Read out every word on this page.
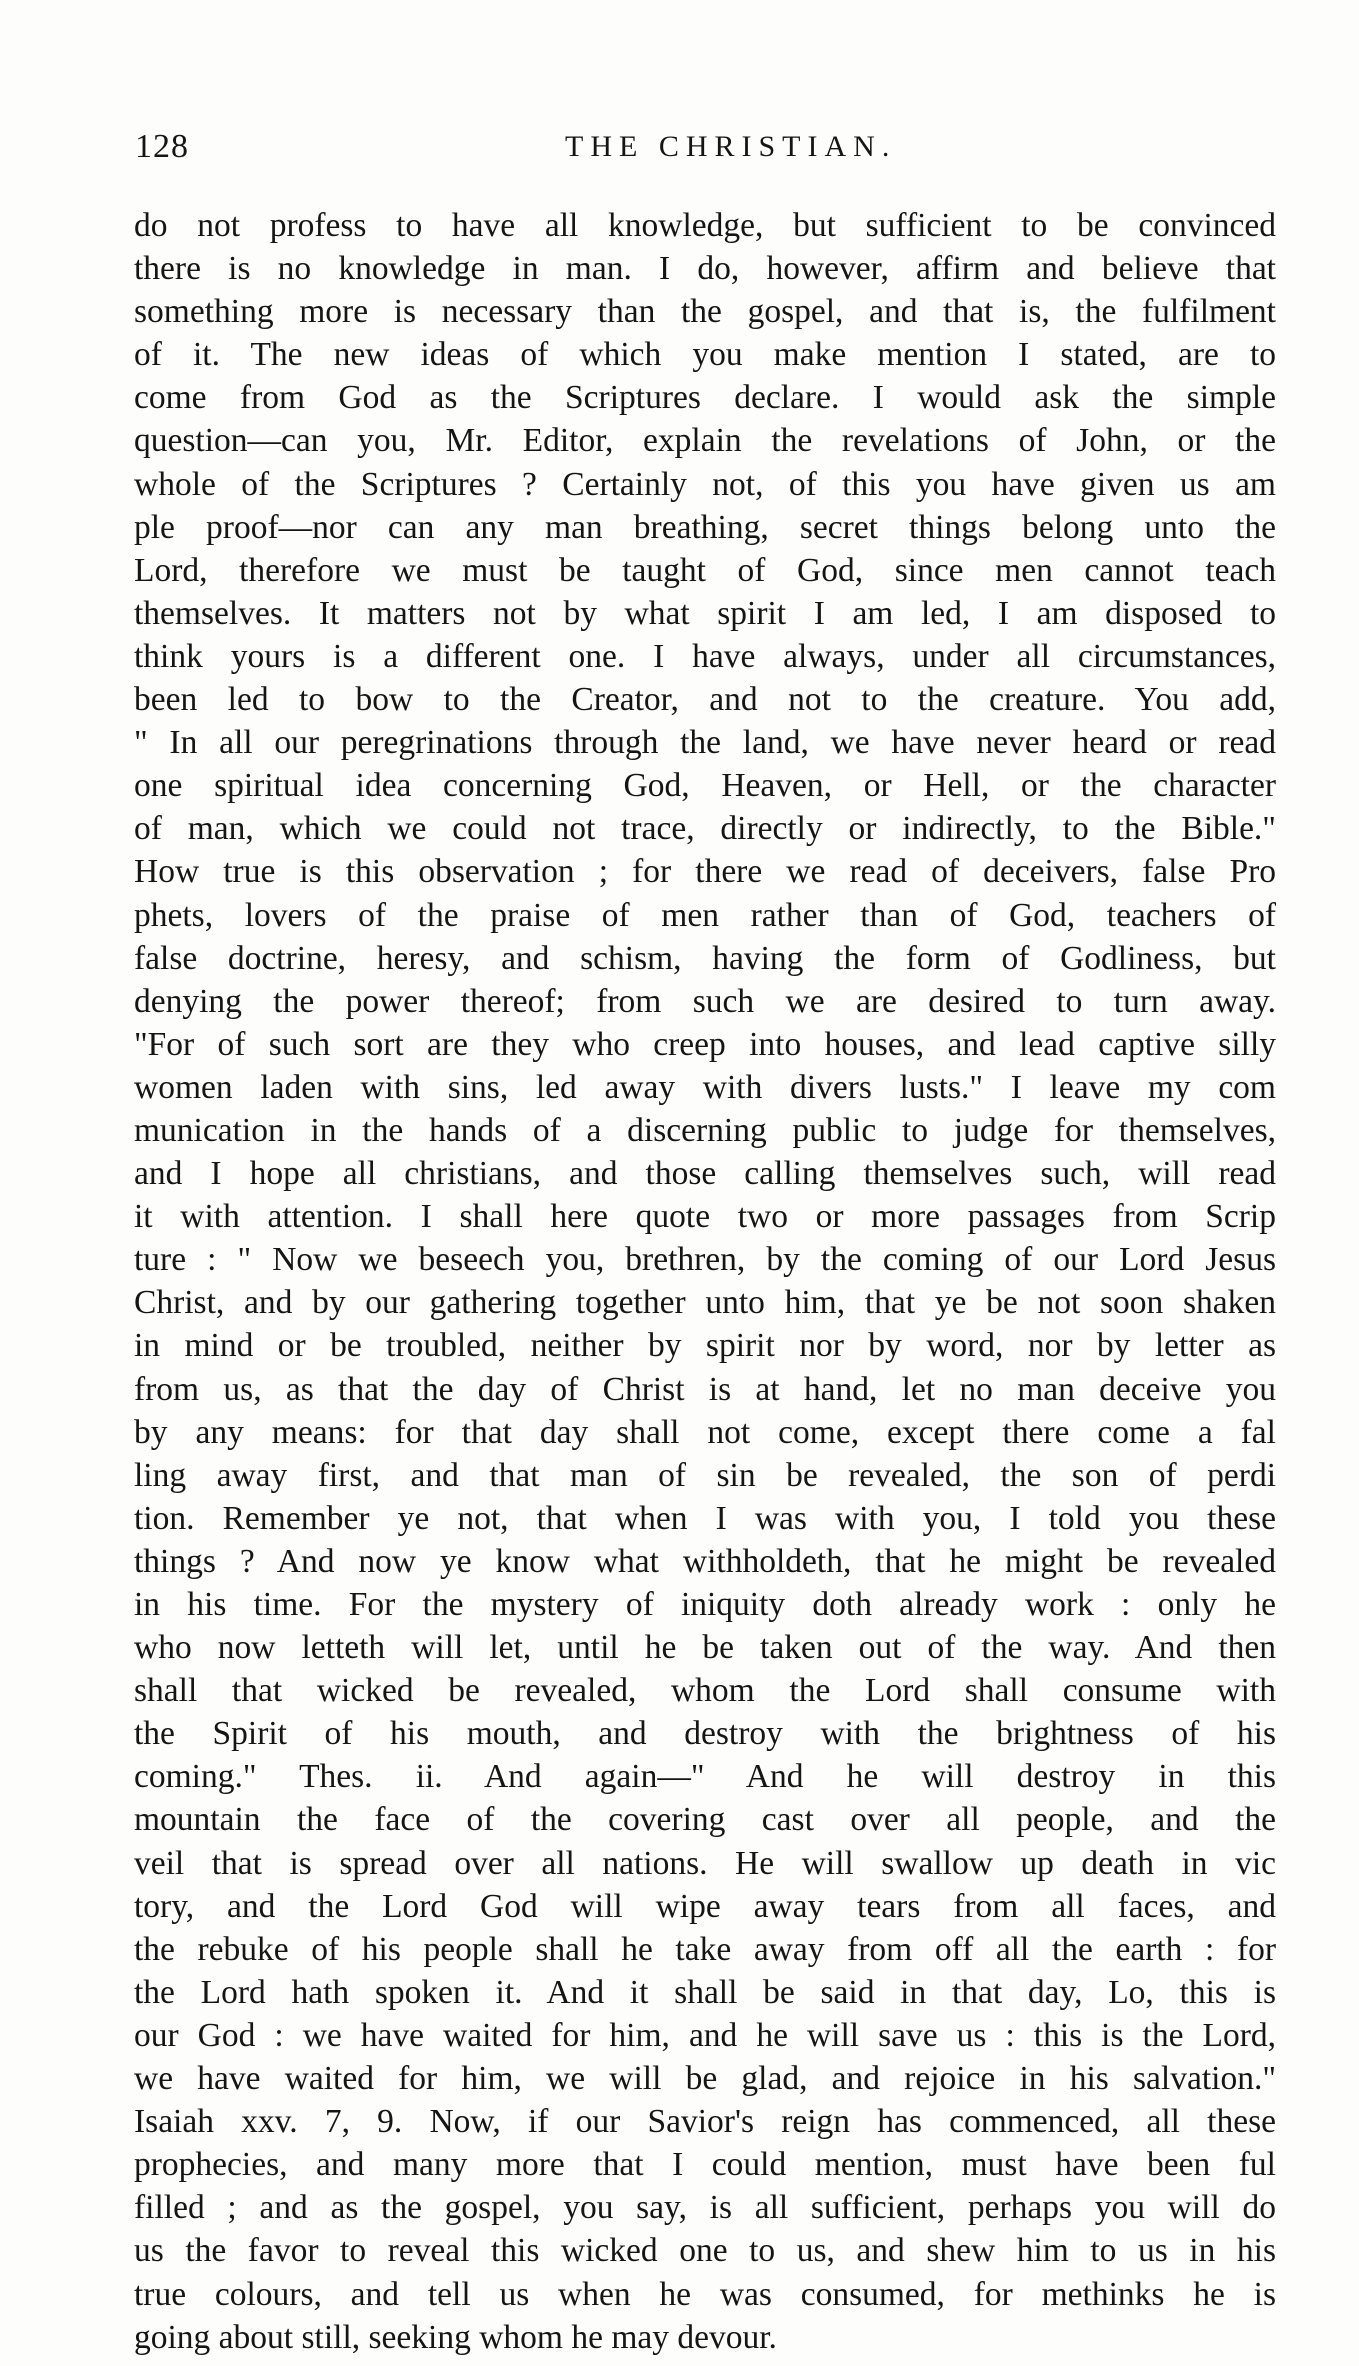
128	THE CHRISTIAN.
do not profess to have all knowledge, but sufficient to be convinced
there is no knowledge in man. I do, however, affirm and believe that
something more is necessary than the gospel, and that is, the fulfilment
of it. The new ideas of which you make mention I stated, are to
come from God as the Scriptures declare. I would ask the simple
question—can you, Mr. Editor, explain the revelations of John, or the
whole of the Scriptures ? Certainly not, of this you have given us am
ple proof—nor can any man breathing, secret things belong unto the
Lord, therefore we must be taught of God, since men cannot teach
themselves. It matters not by what spirit I am led, I am disposed to
think yours is a different one. I have always, under all circumstances,
been led to bow to the Creator, and not to the creature. You add,
" In all our peregrinations through the land, we have never heard or read
one spiritual idea concerning God, Heaven, or Hell, or the character
of man, which we could not trace, directly or indirectly, to the Bible."
How true is this observation ; for there we read of deceivers, false Pro
phets, lovers of the praise of men rather than of God, teachers of
false doctrine, heresy, and schism, having the form of Godliness, but
denying the power thereof; from such we are desired to turn away.
"For of such sort are they who creep into houses, and lead captive silly
women laden with sins, led away with divers lusts." I leave my com
munication in the hands of a discerning public to judge for themselves,
and I hope all christians, and those calling themselves such, will read
it with attention. I shall here quote two or more passages from Scrip
ture : " Now we beseech you, brethren, by the coming of our Lord Jesus
Christ, and by our gathering together unto him, that ye be not soon shaken
in mind or be troubled, neither by spirit nor by word, nor by letter as
from us, as that the day of Christ is at hand, let no man deceive you
by any means: for that day shall not come, except there come a fal
ling away first, and that man of sin be revealed, the son of perdi
tion. Remember ye not, that when I was with you, I told you these
things ? And now ye know what withholdeth, that he might be revealed
in his time. For the mystery of iniquity doth already work : only he
who now letteth will let, until he be taken out of the way. And then
shall that wicked be revealed, whom the Lord shall consume with
the Spirit of his mouth, and destroy with the brightness of his
coming." Thes. ii. And again—" And he will destroy in this
mountain the face of the covering cast over all people, and the
veil that is spread over all nations. He will swallow up death in vic
tory, and the Lord God will wipe away tears from all faces, and
the rebuke of his people shall he take away from off all the earth : for
the Lord hath spoken it. And it shall be said in that day, Lo, this is
our God : we have waited for him, and he will save us : this is the Lord,
we have waited for him, we will be glad, and rejoice in his salvation."
Isaiah xxv. 7, 9. Now, if our Savior's reign has commenced, all these
prophecies, and many more that I could mention, must have been ful
filled ; and as the gospel, you say, is all sufficient, perhaps you will do
us the favor to reveal this wicked one to us, and shew him to us in his
true colours, and tell us when he was consumed, for methinks he is
going about still, seeking whom he may devour.
